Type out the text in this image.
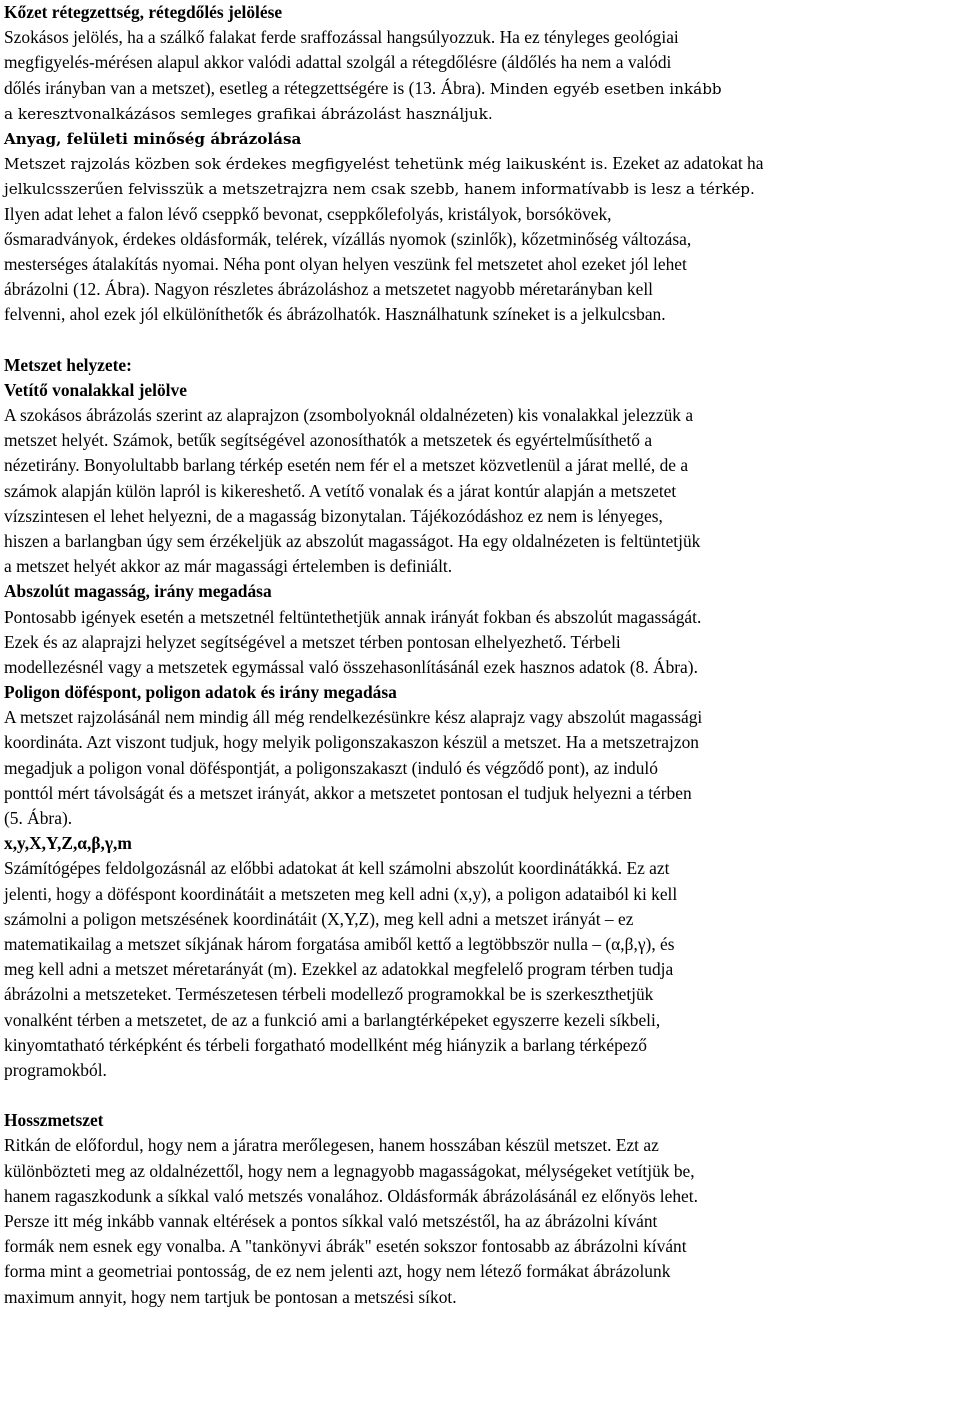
Kőzet rétegzettség, rétegdőlés jelölése
Szokásos jelölés, ha a szálkő falakat ferde sraffozással hangsúlyozzuk. Ha ez tényleges geológiai
megfigyelés-mérésen alapul akkor valódi adattal szolgál a rétegdőlésre (áldőlés ha nem a valódi
dőlés irányban van a metszet), esetleg a rétegzettségére is (13. Ábra). Minden egyéb esetben inkább
a keresztvonalkázásos semleges grafikai ábrázolást használjuk.
Anyag, felületi minőség ábrázolása
Metszet rajzolás közben sok érdekes megfigyelést tehetünk még laikusként is. Ezeket az adatokat ha
jelkulcsszerűen felvisszük a metszetrajzra nem csak szebb, hanem informatívabb is lesz a térkép.
Ilyen adat lehet a falon lévő cseppkő bevonat, cseppkőlefolyás, kristályok, borsókövek,
ősmaradványok, érdekes oldásformák, telérek, vízállás nyomok (szinlők), kőzetminőség változása,
mesterséges átalakítás nyomai. Néha pont olyan helyen veszünk fel metszetet ahol ezeket jól lehet
ábrázolni (12. Ábra). Nagyon részletes ábrázoláshoz a metszetet nagyobb méretarányban kell
felvenni, ahol ezek jól elkülöníthetők és ábrázolhatók. Használhatunk színeket is a jelkulcsban.
Metszet helyzete:
Vetítő vonalakkal jelölve
A szokásos ábrázolás szerint az alaprajzon (zsombolyoknál oldalnézeten) kis vonalakkal jelezzük a
metszet helyét. Számok, betűk segítségével azonosíthatók a metszetek és egyértelműsíthető a
nézetirány. Bonyolultabb barlang térkép esetén nem fér el a metszet közvetlenül a járat mellé, de a
számok alapján külön lapról is kikereshető. A vetítő vonalak és a járat kontúr alapján a metszetet
vízszintesen el lehet helyezni, de a magasság bizonytalan. Tájékozódáshoz ez nem is lényeges,
hiszen a barlangban úgy sem érzékeljük az abszolút magasságot. Ha egy oldalnézeten is feltüntetjük
a metszet helyét akkor az már magassági értelemben is definiált.
Abszolút magasság, irány megadása
Pontosabb igények esetén a metszetnél feltüntethetjük annak irányát fokban és abszolút magasságát.
Ezek és az alaprajzi helyzet segítségével a metszet térben pontosan elhelyezhető. Térbeli
modellezésnél vagy a metszetek egymással való összehasonlításánál ezek hasznos adatok (8. Ábra).
Poligon döféspont, poligon adatok és irány megadása
A metszet rajzolásánál nem mindig áll még rendelkezésünkre kész alaprajz vagy abszolút magassági
koordináta. Azt viszont tudjuk, hogy melyik poligonszakaszon készül a metszet. Ha a metszetrajzon
megadjuk a poligon vonal döféspontját, a poligonszakaszt (induló és végződő pont), az induló
ponttól mért távolságát és a metszet irányát, akkor a metszetet pontosan el tudjuk helyezni a térben
(5. Ábra).
x,y,X,Y,Z,α,β,γ,m
Számítógépes feldolgozásnál az előbbi adatokat át kell számolni abszolút koordinátákká. Ez azt
jelenti, hogy a döféspont koordinátáit a metszeten meg kell adni (x,y), a poligon adataiból ki kell
számolni a poligon metszésének koordinátáit (X,Y,Z), meg kell adni a metszet irányát – ez
matematikailag a metszet síkjának három forgatása amiből kettő a legtöbbször nulla – (α,β,γ), és
meg kell adni a metszet méretarányát (m). Ezekkel az adatokkal megfelelő program térben tudja
ábrázolni a metszeteket. Természetesen térbeli modellező programokkal be is szerkeszthetjük
vonalként térben a metszetet, de az a funkció ami a barlangtérképeket egyszerre kezeli síkbeli,
kinyomtatható térképként és térbeli forgatható modellként még hiányzik a barlang térképező
programokból.
Hosszmetszet
Ritkán de előfordul, hogy nem a járatra merőlegesen, hanem hosszában készül metszet. Ezt az
különbözteti meg az oldalnézettől, hogy nem a legnagyobb magasságokat, mélységeket vetítjük be,
hanem ragaszkodunk a síkkal való metszés vonalához. Oldásformák ábrázolásánál ez előnyös lehet.
Persze itt még inkább vannak eltérések a pontos síkkal való metszéstől, ha az ábrázolni kívánt
formák nem esnek egy vonalba. A "tankönyvi ábrák" esetén sokszor fontosabb az ábrázolni kívánt
forma mint a geometriai pontosság, de ez nem jelenti azt, hogy nem létező formákat ábrázolunk
maximum annyit, hogy nem tartjuk be pontosan a metszési síkot.
